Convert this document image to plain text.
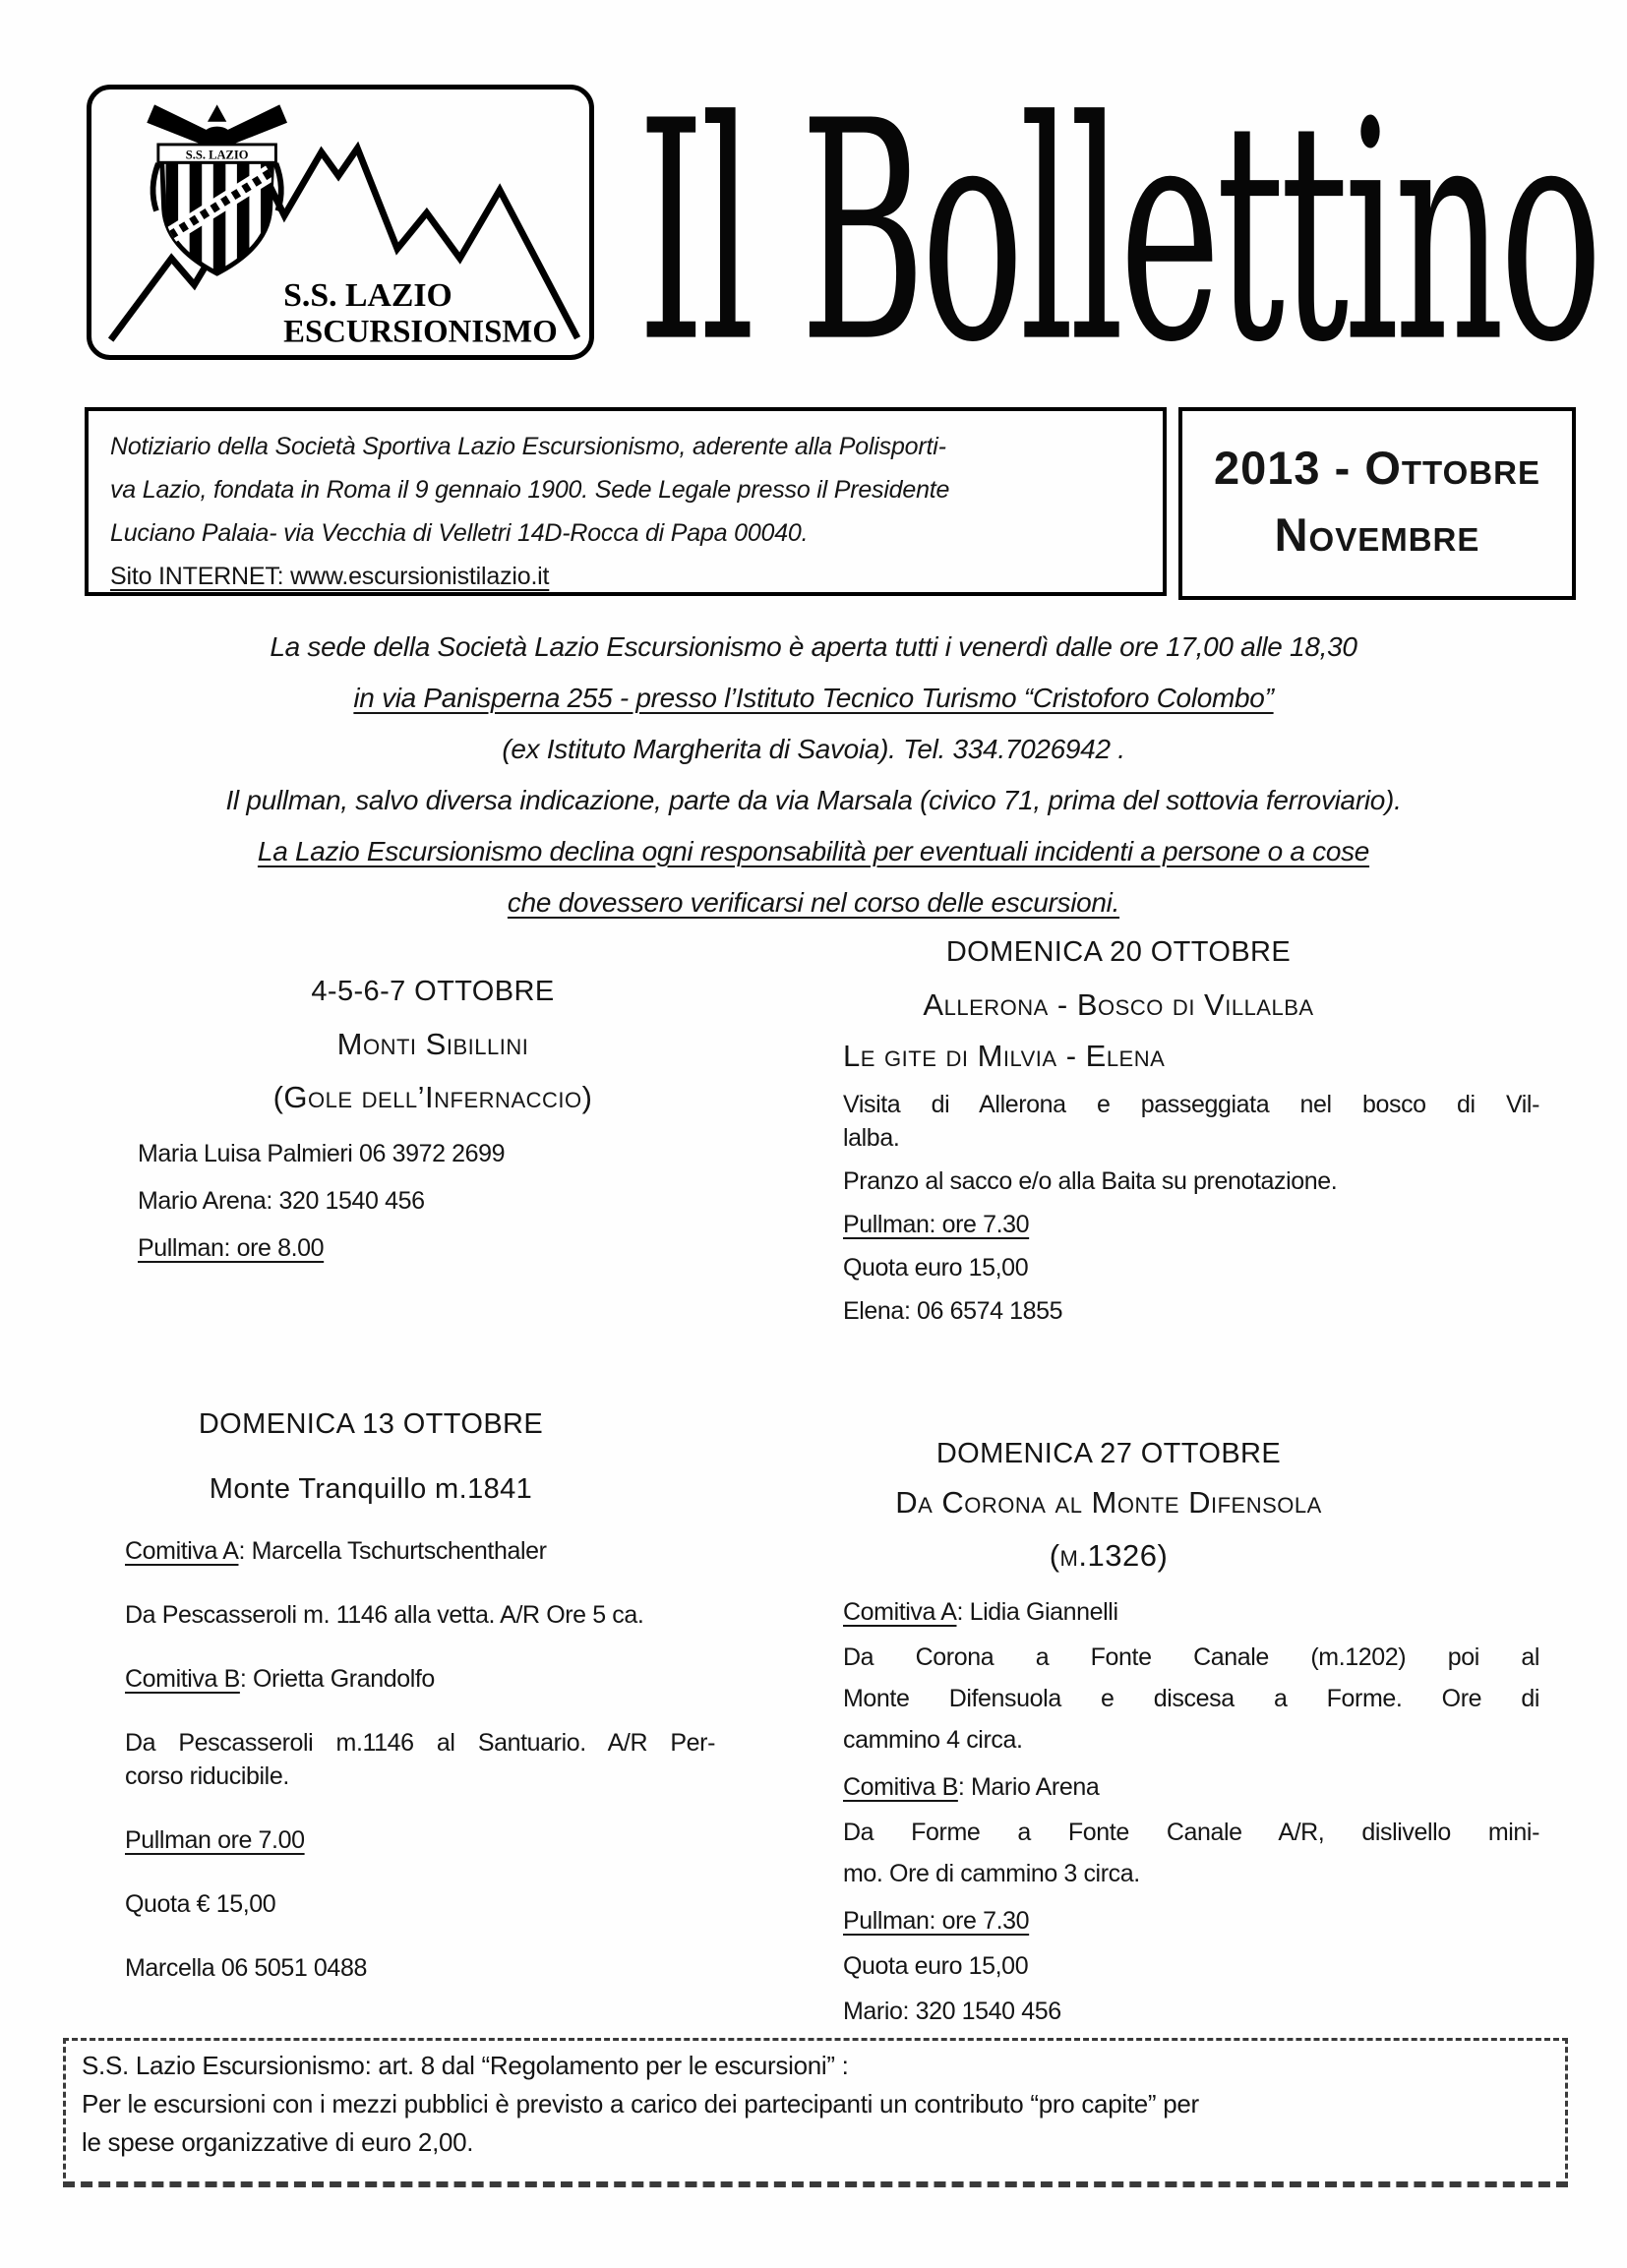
S.S. LAZIO
S.S. LAZIO
ESCURSIONISMO Il Bollettino
Notiziario della Società Sportiva Lazio Escursionismo, aderente alla Polisporti-
va Lazio, fondata in Roma il 9 gennaio 1900. Sede Legale presso il Presidente
Luciano Palaia- via Vecchia di Velletri 14D-Rocca di Papa 00040.
Sito INTERNET: www.escursionistilazio.it
2013 - Ottobre
Novembre
La sede della Società Lazio Escursionismo è aperta tutti i venerdì dalle ore 17,00 alle 18,30
in via Panisperna 255 - presso l’Istituto Tecnico Turismo “Cristoforo Colombo”
(ex Istituto Margherita di Savoia). Tel. 334.7026942 .
Il pullman, salvo diversa indicazione, parte da via Marsala (civico 71, prima del sottovia ferroviario).
La Lazio Escursionismo declina ogni responsabilità per eventuali incidenti a persone o a cose
che dovessero verificarsi nel corso delle escursioni.
4-5-6-7 OTTOBRE
Monti Sibillini
(Gole dell’Infernaccio)
Maria Luisa Palmieri 06 3972 2699
Mario Arena: 320 1540 456
Pullman: ore 8.00
DOMENICA 20 OTTOBRE
Allerona - Bosco di Villalba
Le gite di Milvia - Elena
Visita di Allerona e passeggiata nel bosco di Vil-
lalba.
Pranzo al sacco e/o alla Baita su prenotazione.
Pullman: ore 7.30
Quota euro 15,00
Elena: 06 6574 1855
DOMENICA 13 OTTOBRE
Monte Tranquillo m.1841
Comitiva A: Marcella Tschurtschenthaler
Da Pescasseroli m. 1146 alla vetta. A/R Ore 5 ca.
Comitiva B: Orietta Grandolfo
Da Pescasseroli m.1146 al Santuario. A/R Per-
corso riducibile.
Pullman ore 7.00
Quota € 15,00
Marcella 06 5051 0488
DOMENICA 27 OTTOBRE
Da Corona al Monte Difensola
(m.1326)
Comitiva A: Lidia Giannelli
Da Corona a Fonte Canale (m.1202) poi al
Monte Difensuola e discesa a Forme. Ore di
cammino 4 circa.
Comitiva B: Mario Arena
Da Forme a Fonte Canale A/R, dislivello mini-
mo. Ore di cammino 3 circa.
Pullman: ore 7.30
Quota euro 15,00
Mario: 320 1540 456
S.S. Lazio Escursionismo: art. 8 dal “Regolamento per le escursioni” :
Per le escursioni con i mezzi pubblici è previsto a carico dei partecipanti un contributo “pro capite” per
le spese organizzative di euro 2,00.
